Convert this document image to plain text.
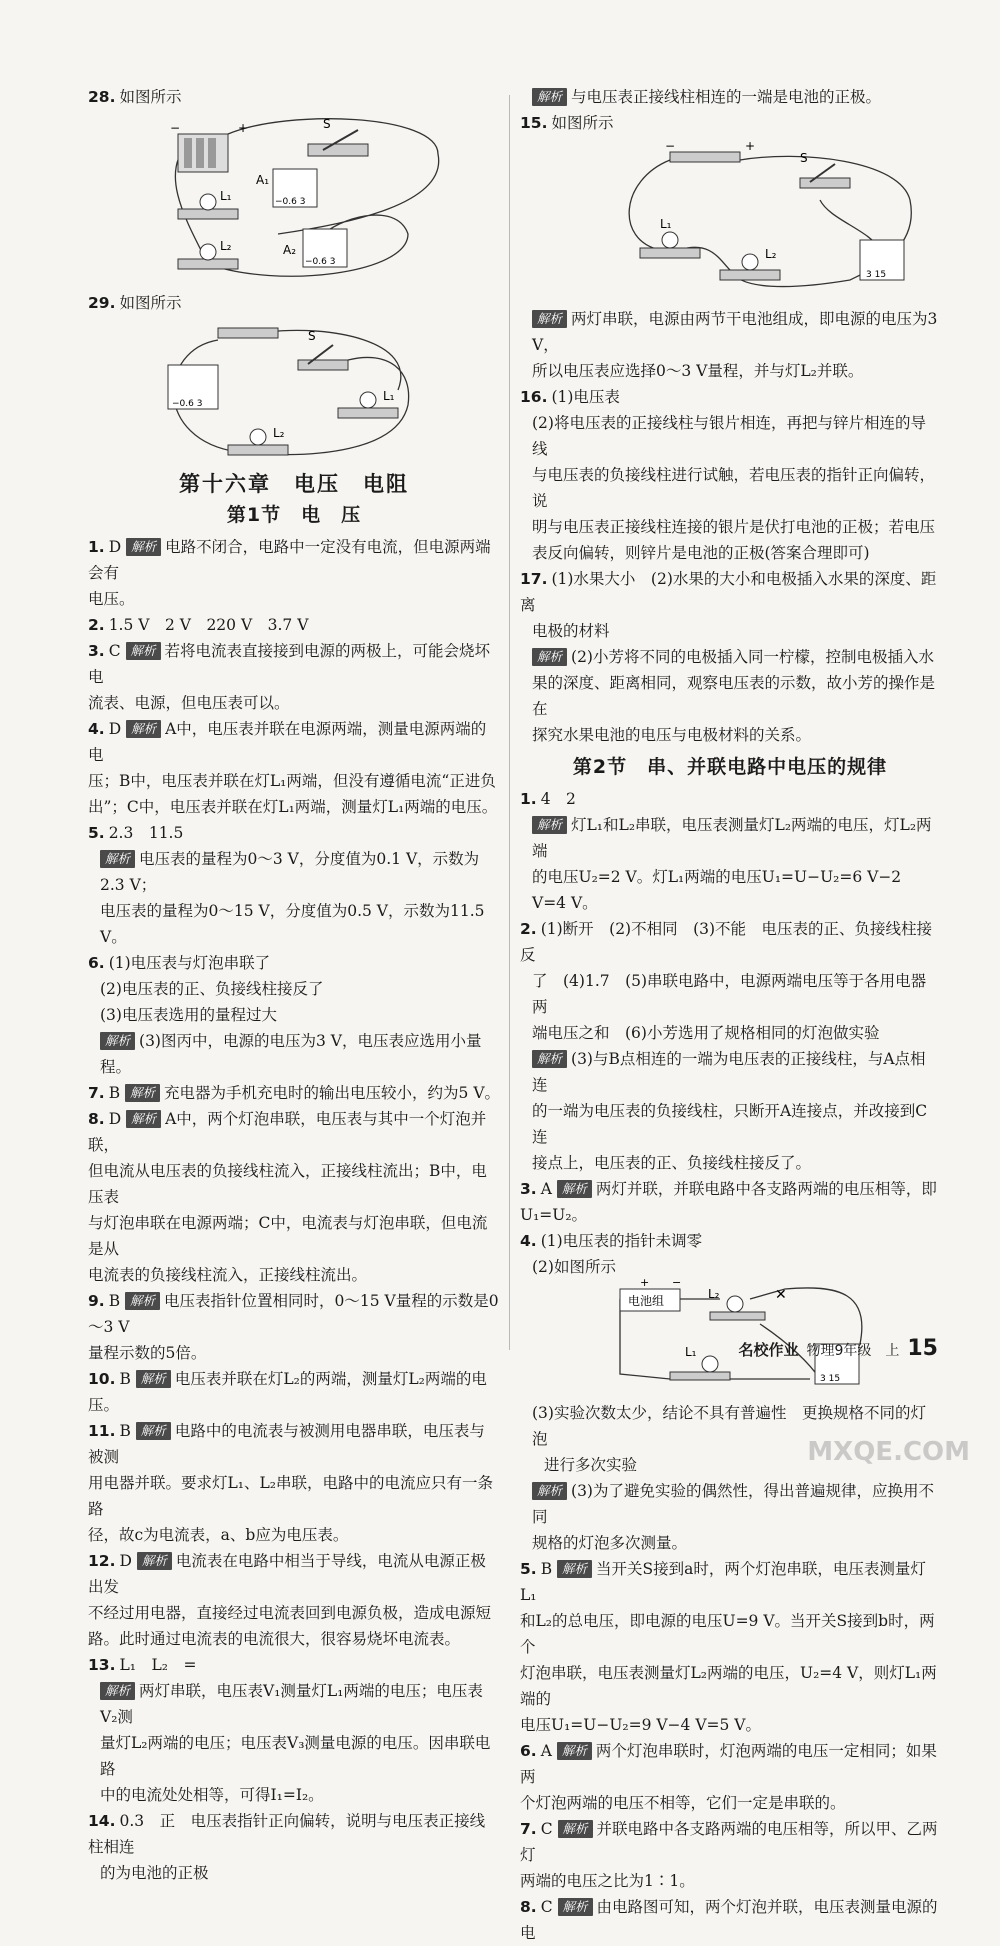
28. 如图所示
+
−	S
A₁
−0.6 3
L₁
L₂	A₂
−0.6 3
29. 如图所示
S
−0.6 3
L₁
L₂
第十六章　电压　电阻
第1节　电　压
1. D 解析 电路不闭合，电路中一定没有电流，但电源两端会有
电压。
2. 1.5 V　2 V　220 V　3.7 V
3. C 解析 若将电流表直接接到电源的两极上，可能会烧坏电
流表、电源，但电压表可以。
4. D 解析 A中，电压表并联在电源两端，测量电源两端的电
压；B中，电压表并联在灯L₁两端，但没有遵循电流“正进负
出”；C中，电压表并联在灯L₁两端，测量灯L₁两端的电压。
5. 2.3　11.5
解析 电压表的量程为0～3 V，分度值为0.1 V，示数为2.3 V；
电压表的量程为0～15 V，分度值为0.5 V，示数为11.5 V。
6. (1)电压表与灯泡串联了
(2)电压表的正、负接线柱接反了
(3)电压表选用的量程过大
解析 (3)图丙中，电源的电压为3 V，电压表应选用小量程。
7. B 解析 充电器为手机充电时的输出电压较小，约为5 V。
8. D 解析 A中，两个灯泡串联，电压表与其中一个灯泡并联，
但电流从电压表的负接线柱流入，正接线柱流出；B中，电压表
与灯泡串联在电源两端；C中，电流表与灯泡串联，但电流是从
电流表的负接线柱流入，正接线柱流出。
9. B 解析 电压表指针位置相同时，0～15 V量程的示数是0～3 V
量程示数的5倍。
10. B 解析 电压表并联在灯L₂的两端，测量灯L₂两端的电压。
11. B 解析 电路中的电流表与被测用电器串联，电压表与被测
用电器并联。要求灯L₁、L₂串联，电路中的电流应只有一条路
径，故c为电流表，a、b应为电压表。
12. D 解析 电流表在电路中相当于导线，电流从电源正极出发
不经过用电器，直接经过电流表回到电源负极，造成电源短
路。此时通过电流表的电流很大，很容易烧坏电流表。
13. L₁　L₂　=
解析 两灯串联，电压表V₁测量灯L₁两端的电压；电压表V₂测
量灯L₂两端的电压；电压表V₃测量电源的电压。因串联电路
中的电流处处相等，可得I₁=I₂。
14. 0.3　正　电压表指针正向偏转，说明与电压表正接线柱相连
的为电池的正极
解析 与电压表正接线柱相连的一端是电池的正极。
15. 如图所示
−	+
S
L₁
L₂
3 15
解析 两灯串联，电源由两节干电池组成，即电源的电压为3 V，
所以电压表应选择0～3 V量程，并与灯L₂并联。
16. (1)电压表
(2)将电压表的正接线柱与银片相连，再把与锌片相连的导线
与电压表的负接线柱进行试触，若电压表的指针正向偏转，说
明与电压表正接线柱连接的银片是伏打电池的正极；若电压
表反向偏转，则锌片是电池的正极(答案合理即可)
17. (1)水果大小　(2)水果的大小和电极插入水果的深度、距离
电极的材料
解析 (2)小芳将不同的电极插入同一柠檬，控制电极插入水
果的深度、距离相同，观察电压表的示数，故小芳的操作是在
探究水果电池的电压与电极材料的关系。
第2节　串、并联电路中电压的规律
1. 4　2
解析 灯L₁和L₂串联，电压表测量灯L₂两端的电压，灯L₂两端
的电压U₂=2 V。灯L₁两端的电压U₁=U−U₂=6 V−2 V=4 V。
2. (1)断开　(2)不相同　(3)不能　电压表的正、负接线柱接反
了　(4)1.7　(5)串联电路中，电源两端电压等于各用电器两
端电压之和　(6)小芳选用了规格相同的灯泡做实验
解析 (3)与B点相连的一端为电压表的正接线柱，与A点相连
的一端为电压表的负接线柱，只断开A连接点，并改接到C连
接点上，电压表的正、负接线柱接反了。
3. A 解析 两灯并联，并联电路中各支路两端的电压相等，即
U₁=U₂。
4. (1)电压表的指针未调零
(2)如图所示
电池组
+ −
L₂	✕
L₁
3 15
(3)实验次数太少，结论不具有普遍性　更换规格不同的灯泡
进行多次实验
解析 (3)为了避免实验的偶然性，得出普遍规律，应换用不同
规格的灯泡多次测量。
5. B 解析 当开关S接到a时，两个灯泡串联，电压表测量灯L₁
和L₂的总电压，即电源的电压U=9 V。当开关S接到b时，两个
灯泡串联，电压表测量灯L₂两端的电压，U₂=4 V，则灯L₁两端的
电压U₁=U−U₂=9 V−4 V=5 V。
6. A 解析 两个灯泡串联时，灯泡两端的电压一定相同；如果两
个灯泡两端的电压不相等，它们一定是串联的。
7. C 解析 并联电路中各支路两端的电压相等，所以甲、乙两灯
两端的电压之比为1∶1。
8. C 解析 由电路图可知，两个灯泡并联，电压表测量电源的电
名校作业 物理9年级　上 15
MXQE.COM
